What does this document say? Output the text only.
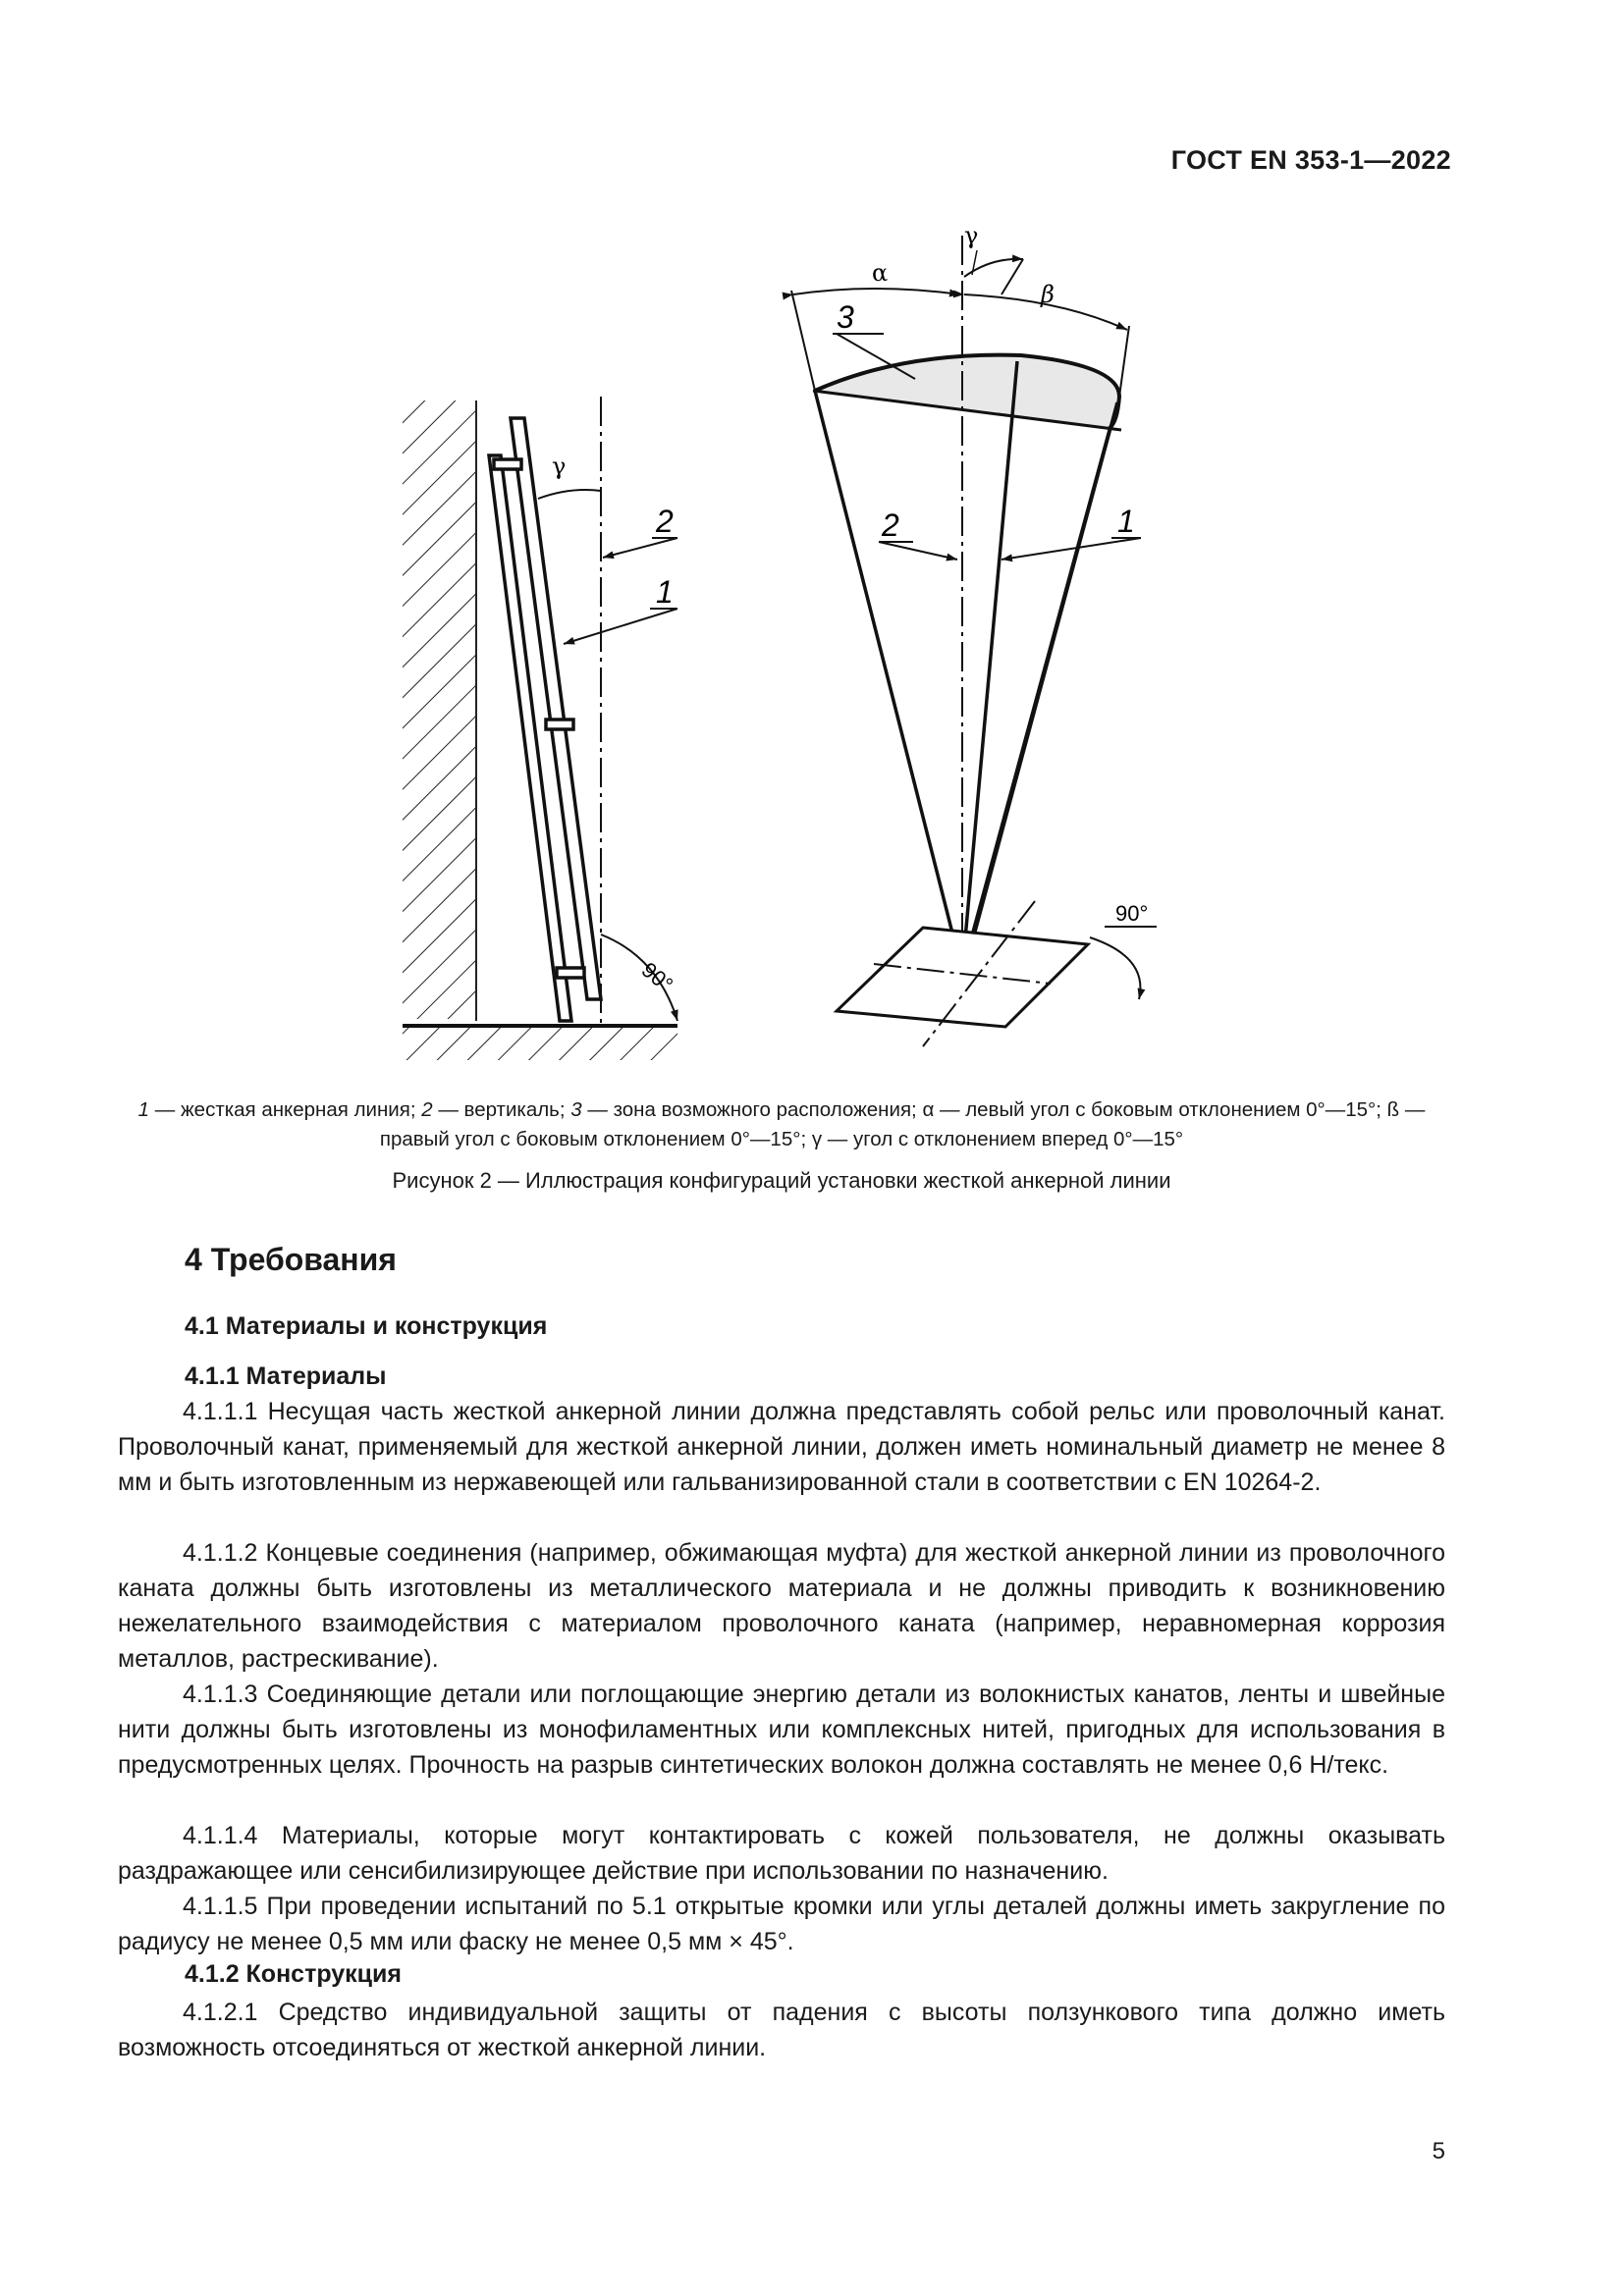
ГОСТ EN 353-1—2022
γ
2
1
90°
α
β
γ
3
2	1
90°
1 — жесткая анкерная линия; 2 — вертикаль; 3 — зона возможного расположения; α — левый угол с боковым отклонением 0°—15°; ß — правый угол с боковым отклонением 0°—15°; γ — угол с отклонением вперед 0°—15°
Рисунок 2 — Иллюстрация конфигураций установки жесткой анкерной линии
4 Требования
4.1 Материалы и конструкция
4.1.1 Материалы

4.1.1.1 Несущая часть жесткой анкерной линии должна представлять собой рельс или проволочный канат. Проволочный канат, применяемый для жесткой анкерной линии, должен иметь номинальный диаметр не менее 8 мм и быть изготовленным из нержавеющей или гальванизированной стали в соответствии с EN 10264-2.

4.1.1.2 Концевые соединения (например, обжимающая муфта) для жесткой анкерной линии из проволочного каната должны быть изготовлены из металлического материала и не должны приводить к возникновению нежелательного взаимодействия с материалом проволочного каната (например, неравномерная коррозия металлов, растрескивание).

4.1.1.3 Соединяющие детали или поглощающие энергию детали из волокнистых канатов, ленты и швейные нити должны быть изготовлены из монофиламентных или комплексных нитей, пригодных для использования в предусмотренных целях. Прочность на разрыв синтетических волокон должна составлять не менее 0,6 Н/текс.

4.1.1.4 Материалы, которые могут контактировать с кожей пользователя, не должны оказывать раздражающее или сенсибилизирующее действие при использовании по назначению.

4.1.1.5 При проведении испытаний по 5.1 открытые кромки или углы деталей должны иметь закругление по радиусу не менее 0,5 мм или фаску не менее 0,5 мм × 45°.

4.1.2 Конструкция

4.1.2.1 Средство индивидуальной защиты от падения с высоты ползункового типа должно иметь возможность отсоединяться от жесткой анкерной линии.

5
